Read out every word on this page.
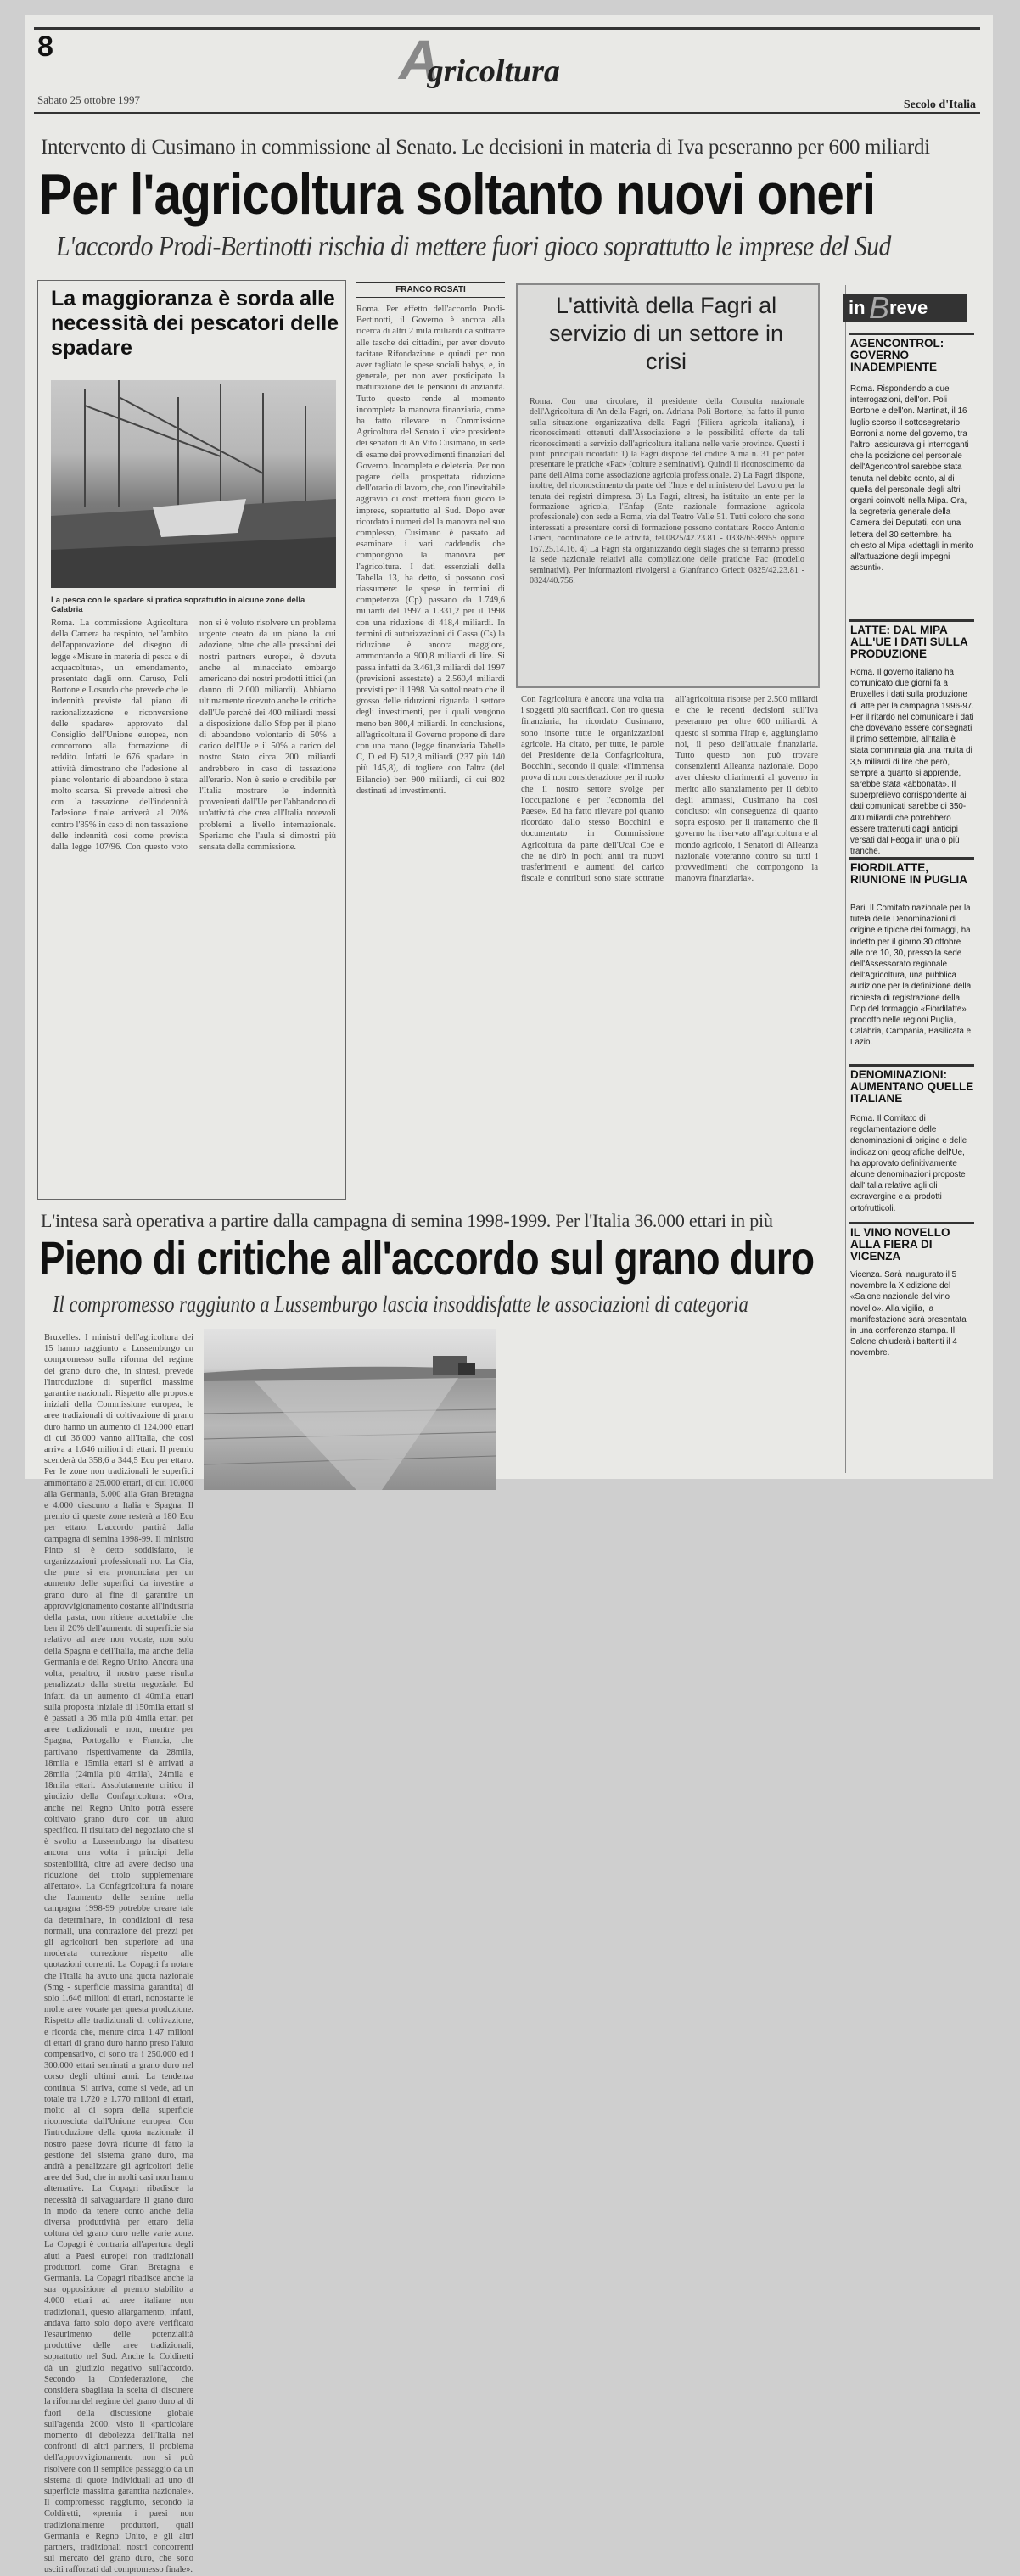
8	Agricoltura
Sabato 25 ottobre 1997	Secolo d'Italia
Intervento di Cusimano in commissione al Senato. Le decisioni in materia di Iva peseranno per 600 miliardi
Per l'agricoltura soltanto nuovi oneri
L'accordo Prodi-Bertinotti rischia di mettere fuori gioco soprattutto le imprese del Sud
La maggioranza è sorda alle necessità dei pescatori delle spadare
La pesca con le spadare si pratica soprattutto in alcune zone della Calabria
Roma. La commissione Agricoltura della Camera ha respinto, nell'ambito dell'approvazione del disegno di legge «Misure in materia di pesca e di acquacoltura», un emendamento, presentato dagli onn. Caruso, Poli Bortone e Losurdo che prevede che le indennità previste dal piano di razionalizzazione e riconversione delle spadare» approvato dal Consiglio dell'Unione europea, non concorrono alla formazione di reddito. Infatti le 676 spadare in attività dimostrano che l'adesione al piano volontario di abbandono è stata molto scarsa. Si prevede altresì che con la tassazione dell'indennità l'adesione finale arriverà al 20% contro l'85% in caso di non tassazione delle indennità così come prevista dalla legge 107/96. Con questo voto non si è voluto risolvere un problema urgente creato da un piano la cui adozione, oltre che alle pressioni dei nostri partners europei, è dovuta anche al minacciato embargo americano dei nostri prodotti ittici (un danno di 2.000 miliardi). Abbiamo ultimamente ricevuto anche le critiche dell'Ue perché dei 400 miliardi messi a disposizione dallo Sfop per il piano di abbandono volontario di 50% a carico dell'Ue e il 50% a carico del nostro Stato circa 200 miliardi andrebbero in caso di tassazione all'erario. Non è serio e credibile per l'Italia mostrare le indennità provenienti dall'Ue per l'abbandono di un'attività che crea all'Italia notevoli problemi a livello internazionale. Speriamo che l'aula si dimostri più sensata della commissione.
FRANCO ROSATI
Roma. Per effetto dell'accordo Prodi-Bertinotti, il Governo è ancora alla ricerca di altri 2 mila miliardi da sottrarre alle tasche dei cittadini, per aver dovuto tacitare Rifondazione e quindi per non aver tagliato le spese sociali babys, e, in generale, per non aver posticipato la maturazione dei le pensioni di anzianità. Tutto questo rende al momento incompleta la manovra finanziaria, come ha fatto rilevare in Commissione Agricoltura del Senato il vice presidente dei senatori di An Vito Cusimano, in sede di esame dei provvedimenti finanziari del Governo. Incompleta e deleteria. Per non pagare della prospettata riduzione dell'orario di lavoro, che, con l'inevitabile aggravio di costi metterà fuori gioco le imprese, soprattutto al Sud. Dopo aver ricordato i numeri del la manovra nel suo complesso, Cusimano è passato ad esaminare i vari caddendis che compongono la manovra per l'agricoltura. I dati essenziali della Tabella 13, ha detto, si possono così riassumere: le spese in termini di competenza (Cp) passano da 1.749,6 miliardi del 1997 a 1.331,2 per il 1998 con una riduzione di 418,4 miliardi. In termini di autorizzazioni di Cassa (Cs) la riduzione è ancora maggiore, ammontando a 900,8 miliardi di lire. Si passa infatti da 3.461,3 miliardi del 1997 (previsioni assestate) a 2.560,4 miliardi previsti per il 1998. Va sottolineato che il grosso delle riduzioni riguarda il settore degli investimenti, per i quali vengono meno ben 800,4 miliardi. In conclusione, all'agricoltura il Governo propone di dare con una mano (legge finanziaria Tabelle C, D ed F) 512,8 miliardi (237 più 140 più 145,8), di togliere con l'altra (del Bilancio) ben 900 miliardi, di cui 802 destinati ad investimenti.
L'attività della Fagri al servizio di un settore in crisi
Roma. Con una circolare, il presidente della Consulta nazionale dell'Agricoltura di An della Fagri, on. Adriana Poli Bortone, ha fatto il punto sulla situazione organizzativa della Fagri (Filiera agricola italiana), i riconoscimenti ottenuti dall'Associazione e le possibilità offerte da tali riconoscimenti a servizio dell'agricoltura italiana nelle varie province. Questi i punti principali ricordati: 1) la Fagri dispone del codice Aima n. 31 per poter presentare le pratiche «Pac» (colture e seminativi). Quindi il riconoscimento da parte dell'Aima come associazione agricola professionale. 2) La Fagri dispone, inoltre, del riconoscimento da parte del l'Inps e del ministero del Lavoro per la tenuta dei registri d'impresa. 3) La Fagri, altresì, ha istituito un ente per la formazione agricola, l'Enfap (Ente nazionale formazione agricola professionale) con sede a Roma, via del Teatro Valle 51. Tutti coloro che sono interessati a presentare corsi di formazione possono contattare Rocco Antonio Grieci, coordinatore delle attività, tel.0825/42.23.81 - 0338/6538955 oppure 167.25.14.16. 4) La Fagri sta organizzando degli stages che si terranno presso la sede nazionale relativi alla compilazione delle pratiche Pac (modello seminativi). Per informazioni rivolgersi a Gianfranco Grieci: 0825/42.23.81 - 0824/40.756.
Con l'agricoltura è ancora una volta tra i soggetti più sacrificati. Con tro questa finanziaria, ha ricordato Cusimano, sono insorte tutte le organizzazioni agricole. Ha citato, per tutte, le parole del Presidente della Confagricoltura, Bocchini, secondo il quale: «l'immensa prova di non considerazione per il ruolo che il nostro settore svolge per l'occupazione e per l'economia del Paese». Ed ha fatto rilevare poi quanto ricordato dallo stesso Bocchini e documentato in Commissione Agricoltura da parte dell'Ucal Coe e che ne dirò in pochi anni tra nuovi trasferimenti e aumenti del carico fiscale e contributi sono state sottratte all'agricoltura risorse per 2.500 miliardi e che le recenti decisioni sull'Iva peseranno per oltre 600 miliardi. A questo si somma l'Irap e, aggiungiamo noi, il peso dell'attuale finanziaria. Tutto questo non può trovare consenzienti Alleanza nazionale. Dopo aver chiesto chiarimenti al governo in merito allo stanziamento per il debito degli ammassi, Cusimano ha così concluso: «In conseguenza di quanto sopra esposto, per il trattamento che il governo ha riservato all'agricoltura e al mondo agricolo, i Senatori di Alleanza nazionale voteranno contro su tutti i provvedimenti che compongono la manovra finanziaria».
L'intesa sarà operativa a partire dalla campagna di semina 1998-1999. Per l'Italia 36.000 ettari in più
Pieno di critiche all'accordo sul grano duro
Il compromesso raggiunto a Lussemburgo lascia insoddisfatte le associazioni di categoria
Bruxelles. I ministri dell'agricoltura dei 15 hanno raggiunto a Lussemburgo un compromesso sulla riforma del regime del grano duro che, in sintesi, prevede l'introduzione di superfici massime garantite nazionali. Rispetto alle proposte iniziali della Commissione europea, le aree tradizionali di coltivazione di grano duro hanno un aumento di 124.000 ettari di cui 36.000 vanno all'Italia, che così arriva a 1.646 milioni di ettari. Il premio scenderà da 358,6 a 344,5 Ecu per ettaro. Per le zone non tradizionali le superfici ammontano a 25.000 ettari, di cui 10.000 alla Germania, 5.000 alla Gran Bretagna e 4.000 ciascuno a Italia e Spagna. Il premio di queste zone resterà a 180 Ecu per ettaro. L'accordo partirà dalla campagna di semina 1998-99. Il ministro Pinto si è detto soddisfatto, le organizzazioni professionali no. La Cia, che pure si era pronunciata per un aumento delle superfici da investire a grano duro al fine di garantire un approvvigionamento costante all'industria della pasta, non ritiene accettabile che ben il 20% dell'aumento di superficie sia relativo ad aree non vocate, non solo della Spagna e dell'Italia, ma anche della Germania e del Regno Unito. Ancora una volta, peraltro, il nostro paese risulta penalizzato dalla stretta negoziale. Ed infatti da un aumento di 40mila ettari sulla proposta iniziale di 150mila ettari si è passati a 36 mila più 4mila ettari per aree tradizionali e non, mentre per Spagna, Portogallo e Francia, che partivano rispettivamente da 28mila, 18mila e 15mila ettari si è arrivati a 28mila (24mila più 4mila), 24mila e 18mila ettari. Assolutamente critico il giudizio della Confagricoltura: «Ora, anche nel Regno Unito potrà essere coltivato grano duro con un aiuto specifico. Il risultato del negoziato che si è svolto a Lussemburgo ha disatteso ancora una volta i principi della sostenibilità, oltre ad avere deciso una riduzione del titolo supplementare all'ettaro». La Confagricoltura fa notare che l'aumento delle semine nella campagna 1998-99 potrebbe creare tale da determinare, in condizioni di resa normali, una contrazione dei prezzi per gli agricoltori ben superiore ad una moderata correzione rispetto alle quotazioni correnti. La Copagri fa notare che l'Italia ha avuto una quota nazionale (Smg - superficie massima garantita) di solo 1.646 milioni di ettari, nonostante le molte aree vocate per questa produzione. Rispetto alle tradizionali di coltivazione, e ricorda che, mentre circa 1,47 milioni di ettari di grano duro hanno preso l'aiuto compensativo, ci sono tra i 250.000 ed i 300.000 ettari seminati a grano duro nel corso degli ultimi anni. La tendenza continua. Si arriva, come si vede, ad un totale tra 1.720 e 1.770 milioni di ettari, molto al di sopra della superficie riconosciuta dall'Unione europea. Con l'introduzione della quota nazionale, il nostro paese dovrà ridurre di fatto la gestione del sistema grano duro, ma andrà a penalizzare gli agricoltori delle aree del Sud, che in molti casi non hanno alternative. La Copagri ribadisce la necessità di salvaguardare il grano duro in modo da tenere conto anche della diversa produttività per ettaro della coltura del grano duro nelle varie zone. La Copagri è contraria all'apertura degli aiuti a Paesi europei non tradizionali produttori, come Gran Bretagna e Germania. La Copagri ribadisce anche la sua opposizione al premio stabilito a 4.000 ettari ad aree italiane non tradizionali, questo allargamento, infatti, andava fatto solo dopo avere verificato l'esaurimento delle potenzialità produttive delle aree tradizionali, soprattutto nel Sud. Anche la Coldiretti dà un giudizio negativo sull'accordo. Secondo la Confederazione, che considera sbagliata la scelta di discutere la riforma del regime del grano duro al di fuori della discussione globale sull'agenda 2000, visto il «particolare momento di debolezza dell'Italia nei confronti di altri partners, il problema dell'approvvigionamento non si può risolvere con il semplice passaggio da un sistema di quote individuali ad uno di superficie massima garantita nazionale». Il compromesso raggiunto, secondo la Coldiretti, «premia i paesi non tradizionalmente produttori, quali Germania e Regno Unito, e gli altri partners, tradizionali nostri concorrenti sul mercato del grano duro, che sono usciti rafforzati dal compromesso finale».
in B reve
AGENCONTROL: GOVERNO INADEMPIENTE
Roma. Rispondendo a due interrogazioni, dell'on. Poli Bortone e dell'on. Martinat, il 16 luglio scorso il sottosegretario Borroni a nome del governo, tra l'altro, assicurava gli interroganti che la posizione del personale dell'Agencontrol sarebbe stata tenuta nel debito conto, al di quella del personale degli altri organi coinvolti nella Mipa. Ora, la segreteria generale della Camera dei Deputati, con una lettera del 30 settembre, ha chiesto al Mipa «dettagli in merito all'attuazione degli impegni assunti».
LATTE: DAL MIPA ALL'UE I DATI SULLA PRODUZIONE
Roma. Il governo italiano ha comunicato due giorni fa a Bruxelles i dati sulla produzione di latte per la campagna 1996-97. Per il ritardo nel comunicare i dati che dovevano essere consegnati il primo settembre, all'Italia è stata comminata già una multa di 3,5 miliardi di lire che però, sempre a quanto si apprende, sarebbe stata «abbonata». Il superprelievo corrispondente ai dati comunicati sarebbe di 350-400 miliardi che potrebbero essere trattenuti dagli anticipi versati dal Feoga in una o più tranche.
FIORDILATTE, RIUNIONE IN PUGLIA
Bari. Il Comitato nazionale per la tutela delle Denominazioni di origine e tipiche dei formaggi, ha indetto per il giorno 30 ottobre alle ore 10, 30, presso la sede dell'Assessorato regionale dell'Agricoltura, una pubblica audizione per la definizione della richiesta di registrazione della Dop del formaggio «Fiordilatte» prodotto nelle regioni Puglia, Calabria, Campania, Basilicata e Lazio.
DENOMINAZIONI: AUMENTANO QUELLE ITALIANE
Roma. Il Comitato di regolamentazione delle denominazioni di origine e delle indicazioni geografiche dell'Ue, ha approvato definitivamente alcune denominazioni proposte dall'Italia relative agli oli extravergine e ai prodotti ortofrutticoli.
IL VINO NOVELLO ALLA FIERA DI VICENZA
Vicenza. Sarà inaugurato il 5 novembre la X edizione del «Salone nazionale del vino novello». Alla vigilia, la manifestazione sarà presentata in una conferenza stampa. Il Salone chiuderà i battenti il 4 novembre.
